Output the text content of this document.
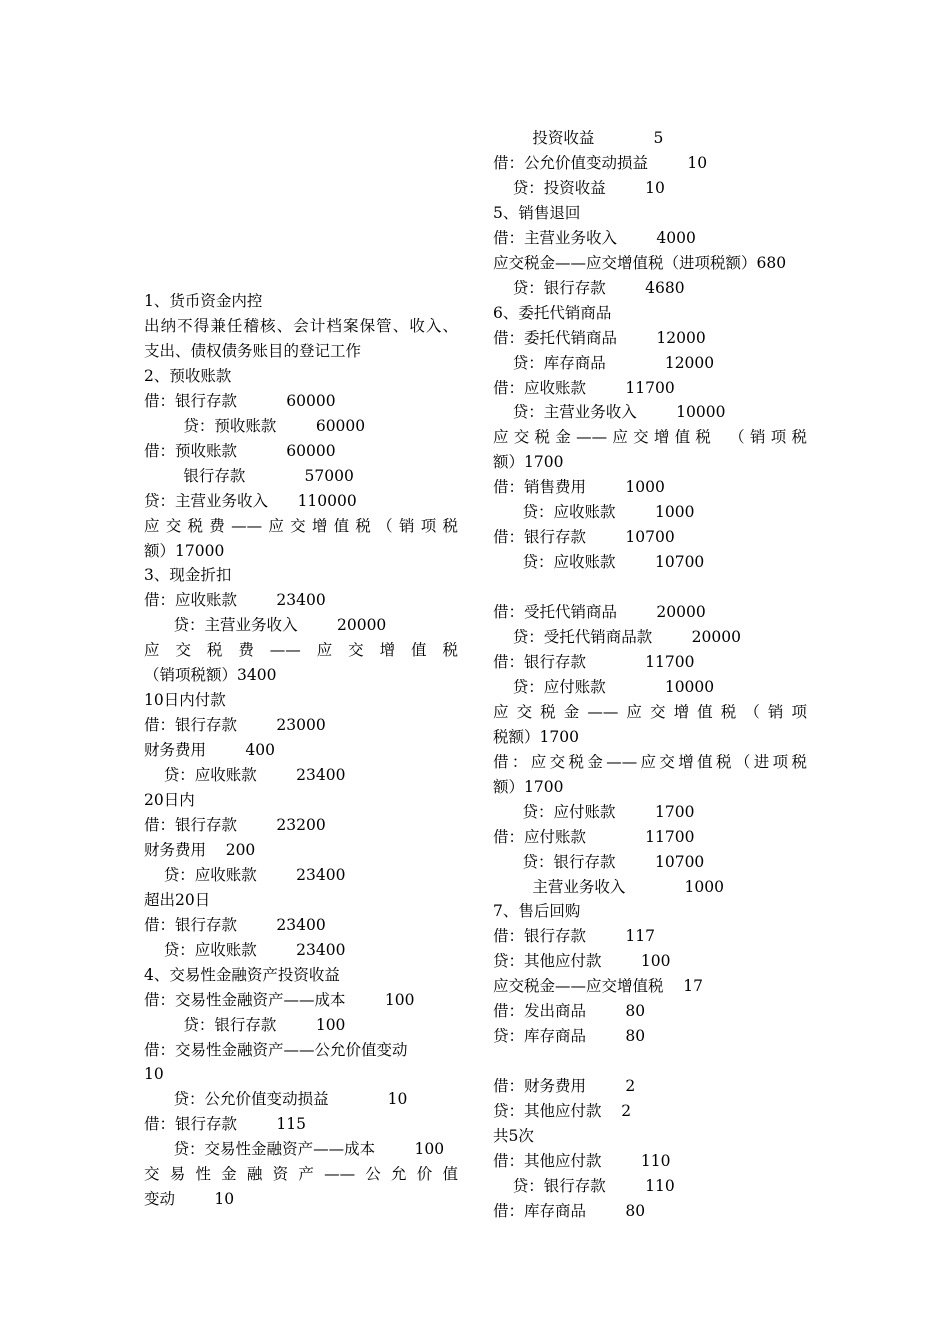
1、货币资金内控
出纳不得兼任稽核、会计档案保管、收入、
支出、债权债务账目的登记工作
2、预收账款
借：银行存款          60000
贷：预收账款        60000
借：预收账款          60000
银行存款            57000
贷：主营业务收入      110000
应交税费——应交增值税（销项税
额）17000
3、现金折扣
借：应收账款        23400
贷：主营业务收入        20000
应交税费——应交增值税
（销项税额）3400
10日内付款
借：银行存款        23000
财务费用        400
贷：应收账款        23400
20日内
借：银行存款        23200
财务费用    200
贷：应收账款        23400
超出20日
借：银行存款        23400
贷：应收账款        23400
4、交易性金融资产投资收益
借：交易性金融资产——成本        100
贷：银行存款        100
借：交易性金融资产——公允价值变动
10
贷：公允价值变动损益            10
借：银行存款        115
贷：交易性金融资产——成本        100
交易性金融资产——公允价值
变动        10
投资收益            5
借：公允价值变动损益        10
贷：投资收益        10
5、销售退回
借：主营业务收入        4000
应交税金——应交增值税（进项税额）680
贷：银行存款        4680
6、委托代销商品
借：委托代销商品        12000
贷：库存商品            12000
借：应收账款        11700
贷：主营业务收入        10000
应交税金——应交增值税　（销项税
额）1700
借：销售费用        1000
贷：应收账款        1000
借：银行存款        10700
贷：应收账款        10700
借：受托代销商品        20000
贷：受托代销商品款        20000
借：银行存款            11700
贷：应付账款            10000
应交税金——应交增值税（销项
税额）1700
借：应交税金——应交增值税（进项税
额）1700
贷：应付账款        1700
借：应付账款            11700
贷：银行存款        10700
主营业务收入            1000
7、售后回购
借：银行存款        117
贷：其他应付款        100
应交税金——应交增值税    17
借：发出商品        80
贷：库存商品        80
借：财务费用        2
贷：其他应付款    2
共5次
借：其他应付款        110
贷：银行存款        110
借：库存商品        80
